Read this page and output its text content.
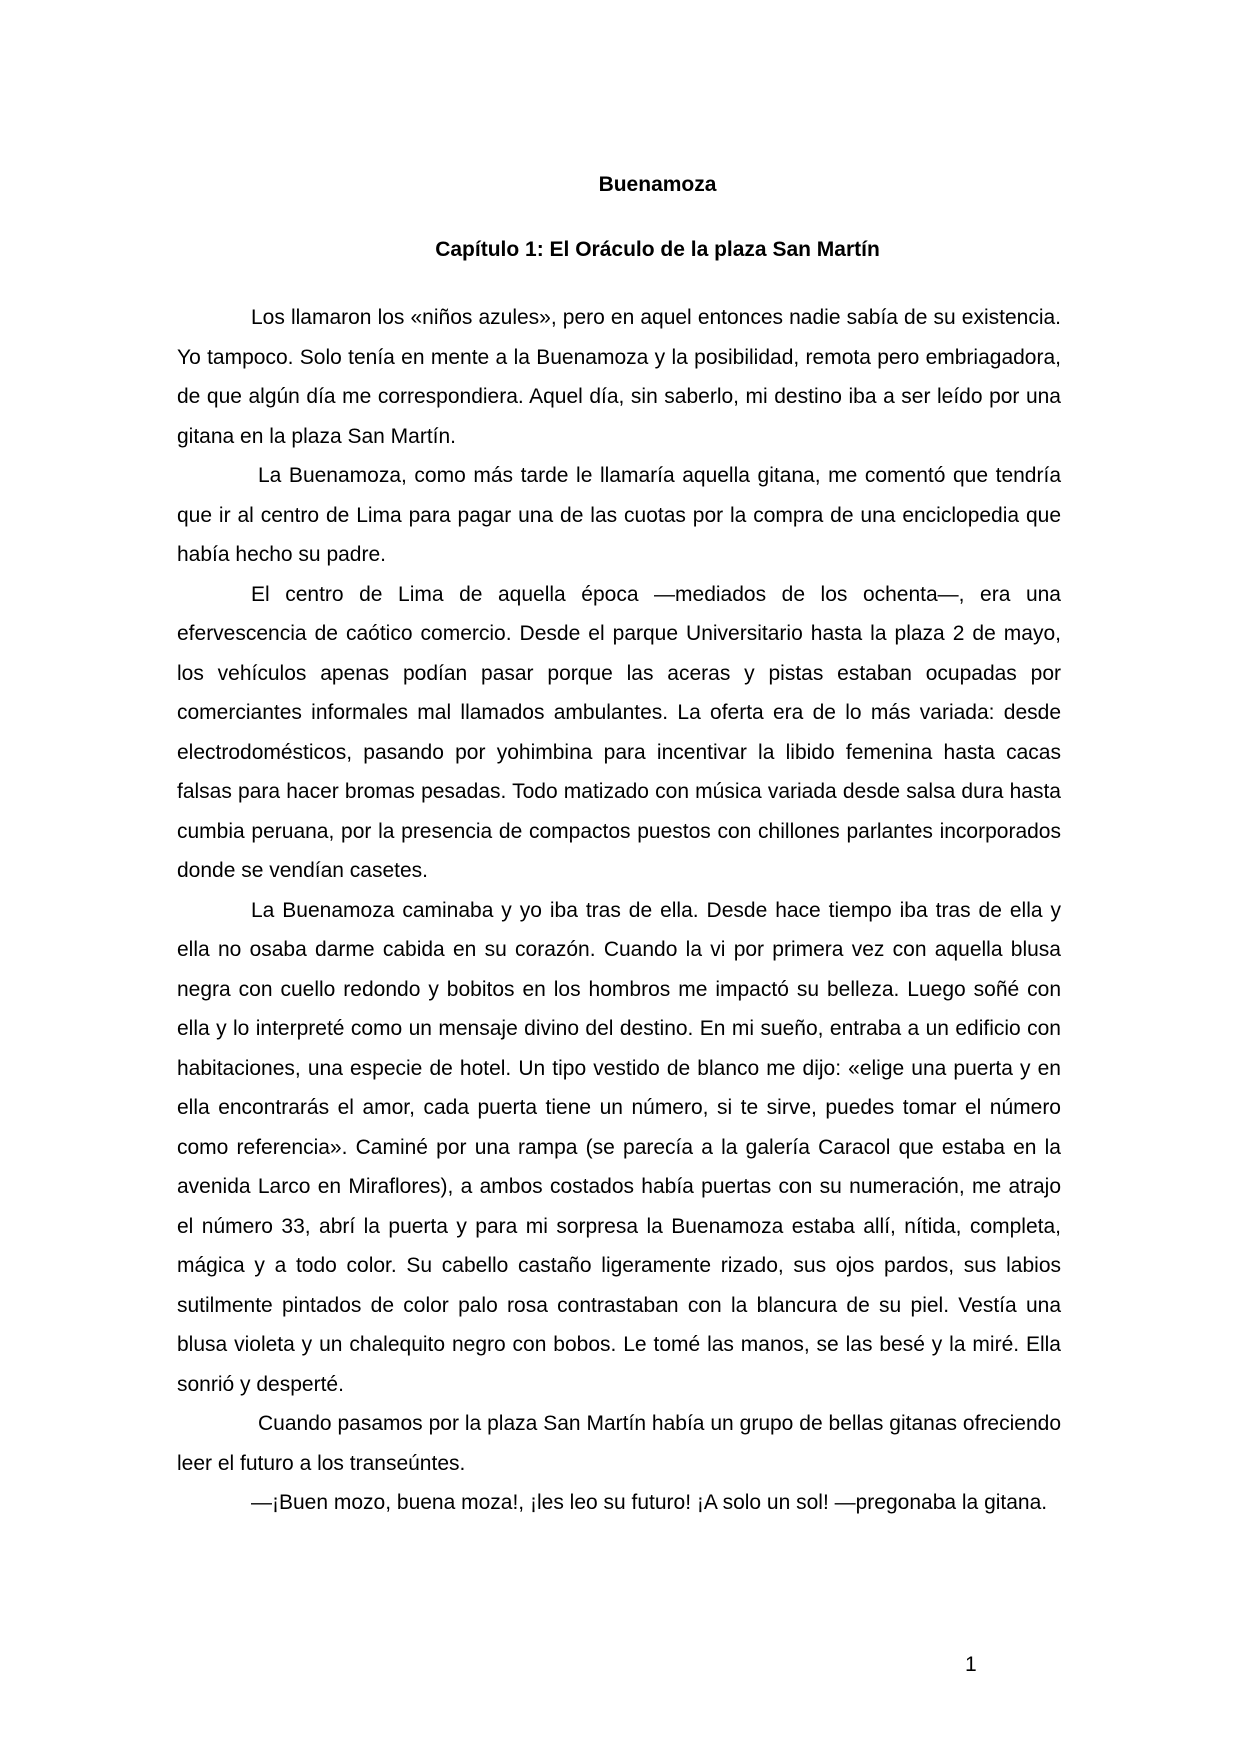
Buenamoza
Capítulo 1: El Oráculo de la plaza San Martín

Los llamaron los «niños azules», pero en aquel entonces nadie sabía de su existencia. Yo tampoco. Solo tenía en mente a la Buenamoza y la posibilidad, remota pero embriagadora, de que algún día me correspondiera. Aquel día, sin saberlo, mi destino iba a ser leído por una gitana en la plaza San Martín.

La Buenamoza, como más tarde le llamaría aquella gitana, me comentó que tendría que ir al centro de Lima para pagar una de las cuotas por la compra de una enciclopedia que había hecho su padre.

El centro de Lima de aquella época —mediados de los ochenta—, era una efervescencia de caótico comercio. Desde el parque Universitario hasta la plaza 2 de mayo, los vehículos apenas podían pasar porque las aceras y pistas estaban ocupadas por comerciantes informales mal llamados ambulantes. La oferta era de lo más variada: desde electrodomésticos, pasando por yohimbina para incentivar la libido femenina hasta cacas falsas para hacer bromas pesadas. Todo matizado con música variada desde salsa dura hasta cumbia peruana, por la presencia de compactos puestos con chillones parlantes incorporados donde se vendían casetes.

La Buenamoza caminaba y yo iba tras de ella. Desde hace tiempo iba tras de ella y ella no osaba darme cabida en su corazón. Cuando la vi por primera vez con aquella blusa negra con cuello redondo y bobitos en los hombros me impactó su belleza. Luego soñé con ella y lo interpreté como un mensaje divino del destino. En mi sueño, entraba a un edificio con habitaciones, una especie de hotel. Un tipo vestido de blanco me dijo: «elige una puerta y en ella encontrarás el amor, cada puerta tiene un número, si te sirve, puedes tomar el número como referencia». Caminé por una rampa (se parecía a la galería Caracol que estaba en la avenida Larco en Miraflores), a ambos costados había puertas con su numeración, me atrajo el número 33, abrí la puerta y para mi sorpresa la Buenamoza estaba allí, nítida, completa, mágica y a todo color. Su cabello castaño ligeramente rizado, sus ojos pardos, sus labios sutilmente pintados de color palo rosa contrastaban con la blancura de su piel. Vestía una blusa violeta y un chalequito negro con bobos. Le tomé las manos, se las besé y la miré. Ella sonrió y desperté.

Cuando pasamos por la plaza San Martín había un grupo de bellas gitanas ofreciendo leer el futuro a los transeúntes.

—¡Buen mozo, buena moza!, ¡les leo su futuro! ¡A solo un sol! —pregonaba la gitana.

1
